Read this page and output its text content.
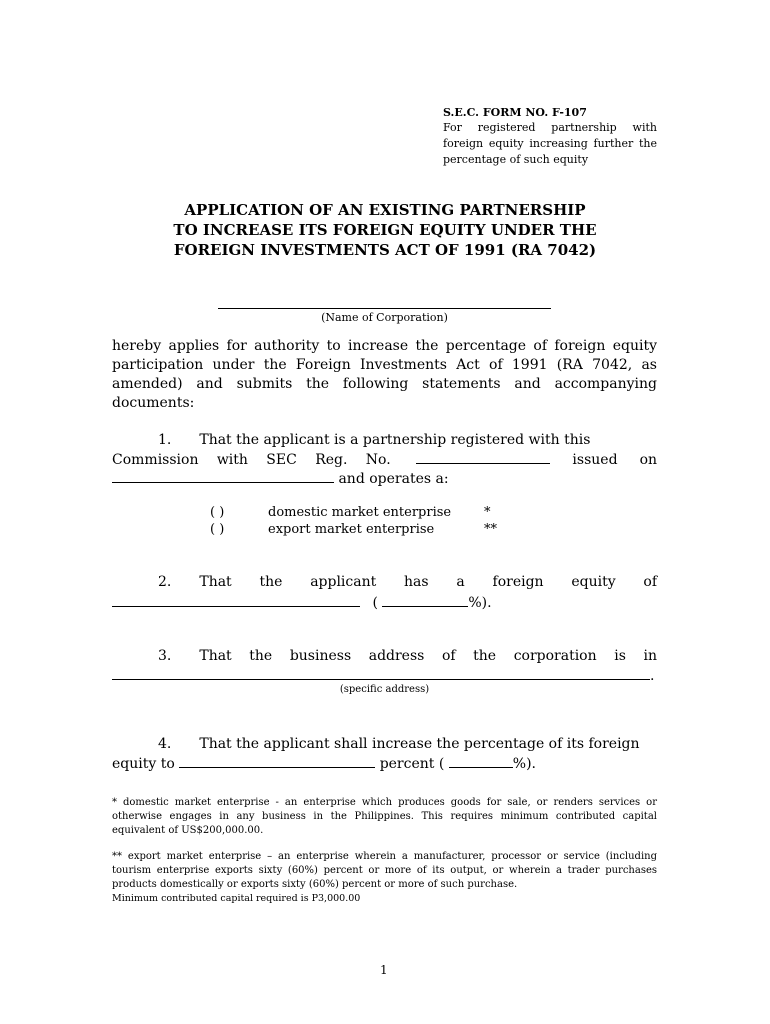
S.E.C. FORM NO. F-107
For registered partnership with foreign equity increasing further the percentage of such equity
APPLICATION OF AN EXISTING PARTNERSHIP
TO INCREASE ITS FOREIGN EQUITY UNDER THE
FOREIGN INVESTMENTS ACT OF 1991 (RA 7042)
(Name of Corporation)
hereby applies for authority to increase the percentage of foreign equity
participation under the Foreign Investments Act of 1991 (RA 7042, as
amended) and submits the following statements and accompanying
documents:
1. That the applicant is a partnership registered with this
Commission with SEC Reg. No.	issued on
and operates a:
( )	domestic market enterprise	*
( )	export market enterprise	**
2. That the applicant has a foreign equity of
(	%).
3. That the business address of the corporation is in
.
(specific address)
4. That the applicant shall increase the percentage of its foreign
equity to	percent (	%).
* domestic market enterprise - an enterprise which produces goods for sale, or renders services or otherwise engages in any business in the Philippines. This requires minimum contributed capital equivalent of US$200,000.00.
** export market enterprise – an enterprise wherein a manufacturer, processor or service (including tourism enterprise exports sixty (60%) percent or more of its output, or wherein a trader purchases products domestically or exports sixty (60%) percent or more of such purchase.
Minimum contributed capital required is P3,000.00
1
